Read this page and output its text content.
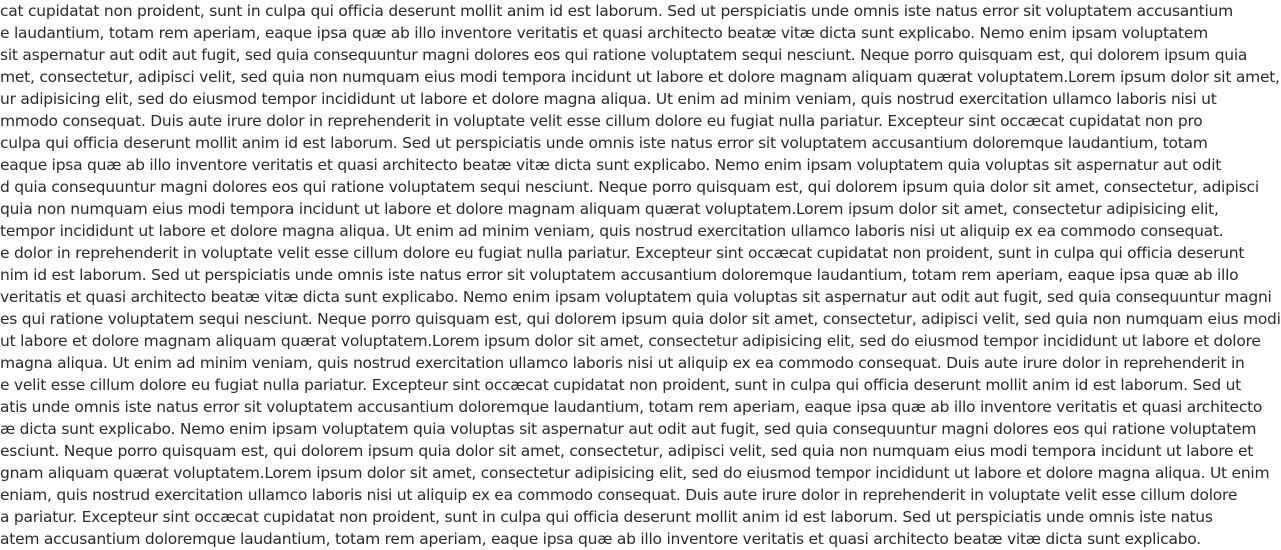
cat cupidatat non proident, sunt in culpa qui officia deserunt mollit anim id est laborum. Sed ut perspiciatis unde omnis iste natus error sit voluptatem accusantium
e laudantium, totam rem aperiam, eaque ipsa quæ ab illo inventore veritatis et quasi architecto beatæ vitæ dicta sunt explicabo. Nemo enim ipsam voluptatem
sit aspernatur aut odit aut fugit, sed quia consequuntur magni dolores eos qui ratione voluptatem sequi nesciunt. Neque porro quisquam est, qui dolorem ipsum quia
met, consectetur, adipisci velit, sed quia non numquam eius modi tempora incidunt ut labore et dolore magnam aliquam quærat voluptatem.Lorem ipsum dolor sit amet,
ur adipisicing elit, sed do eiusmod tempor incididunt ut labore et dolore magna aliqua. Ut enim ad minim veniam, quis nostrud exercitation ullamco laboris nisi ut
mmodo consequat. Duis aute irure dolor in reprehenderit in voluptate velit esse cillum dolore eu fugiat nulla pariatur. Excepteur sint occæcat cupidatat non pro
culpa qui officia deserunt mollit anim id est laborum. Sed ut perspiciatis unde omnis iste natus error sit voluptatem accusantium doloremque laudantium, totam
eaque ipsa quæ ab illo inventore veritatis et quasi architecto beatæ vitæ dicta sunt explicabo. Nemo enim ipsam voluptatem quia voluptas sit aspernatur aut odit
d quia consequuntur magni dolores eos qui ratione voluptatem sequi nesciunt. Neque porro quisquam est, qui dolorem ipsum quia dolor sit amet, consectetur, adipisci
quia non numquam eius modi tempora incidunt ut labore et dolore magnam aliquam quærat voluptatem.Lorem ipsum dolor sit amet, consectetur adipisicing elit,
tempor incididunt ut labore et dolore magna aliqua. Ut enim ad minim veniam, quis nostrud exercitation ullamco laboris nisi ut aliquip ex ea commodo consequat.
e dolor in reprehenderit in voluptate velit esse cillum dolore eu fugiat nulla pariatur. Excepteur sint occæcat cupidatat non proident, sunt in culpa qui officia deserunt
nim id est laborum. Sed ut perspiciatis unde omnis iste natus error sit voluptatem accusantium doloremque laudantium, totam rem aperiam, eaque ipsa quæ ab illo
veritatis et quasi architecto beatæ vitæ dicta sunt explicabo. Nemo enim ipsam voluptatem quia voluptas sit aspernatur aut odit aut fugit, sed quia consequuntur magni
es qui ratione voluptatem sequi nesciunt. Neque porro quisquam est, qui dolorem ipsum quia dolor sit amet, consectetur, adipisci velit, sed quia non numquam eius modi
ut labore et dolore magnam aliquam quærat voluptatem.Lorem ipsum dolor sit amet, consectetur adipisicing elit, sed do eiusmod tempor incididunt ut labore et dolore
magna aliqua. Ut enim ad minim veniam, quis nostrud exercitation ullamco laboris nisi ut aliquip ex ea commodo consequat. Duis aute irure dolor in reprehenderit in
e velit esse cillum dolore eu fugiat nulla pariatur. Excepteur sint occæcat cupidatat non proident, sunt in culpa qui officia deserunt mollit anim id est laborum. Sed ut
atis unde omnis iste natus error sit voluptatem accusantium doloremque laudantium, totam rem aperiam, eaque ipsa quæ ab illo inventore veritatis et quasi architecto
æ dicta sunt explicabo. Nemo enim ipsam voluptatem quia voluptas sit aspernatur aut odit aut fugit, sed quia consequuntur magni dolores eos qui ratione voluptatem
esciunt. Neque porro quisquam est, qui dolorem ipsum quia dolor sit amet, consectetur, adipisci velit, sed quia non numquam eius modi tempora incidunt ut labore et
gnam aliquam quærat voluptatem.Lorem ipsum dolor sit amet, consectetur adipisicing elit, sed do eiusmod tempor incididunt ut labore et dolore magna aliqua. Ut enim
eniam, quis nostrud exercitation ullamco laboris nisi ut aliquip ex ea commodo consequat. Duis aute irure dolor in reprehenderit in voluptate velit esse cillum dolore
a pariatur. Excepteur sint occæcat cupidatat non proident, sunt in culpa qui officia deserunt mollit anim id est laborum. Sed ut perspiciatis unde omnis iste natus
atem accusantium doloremque laudantium, totam rem aperiam, eaque ipsa quæ ab illo inventore veritatis et quasi architecto beatæ vitæ dicta sunt explicabo.
